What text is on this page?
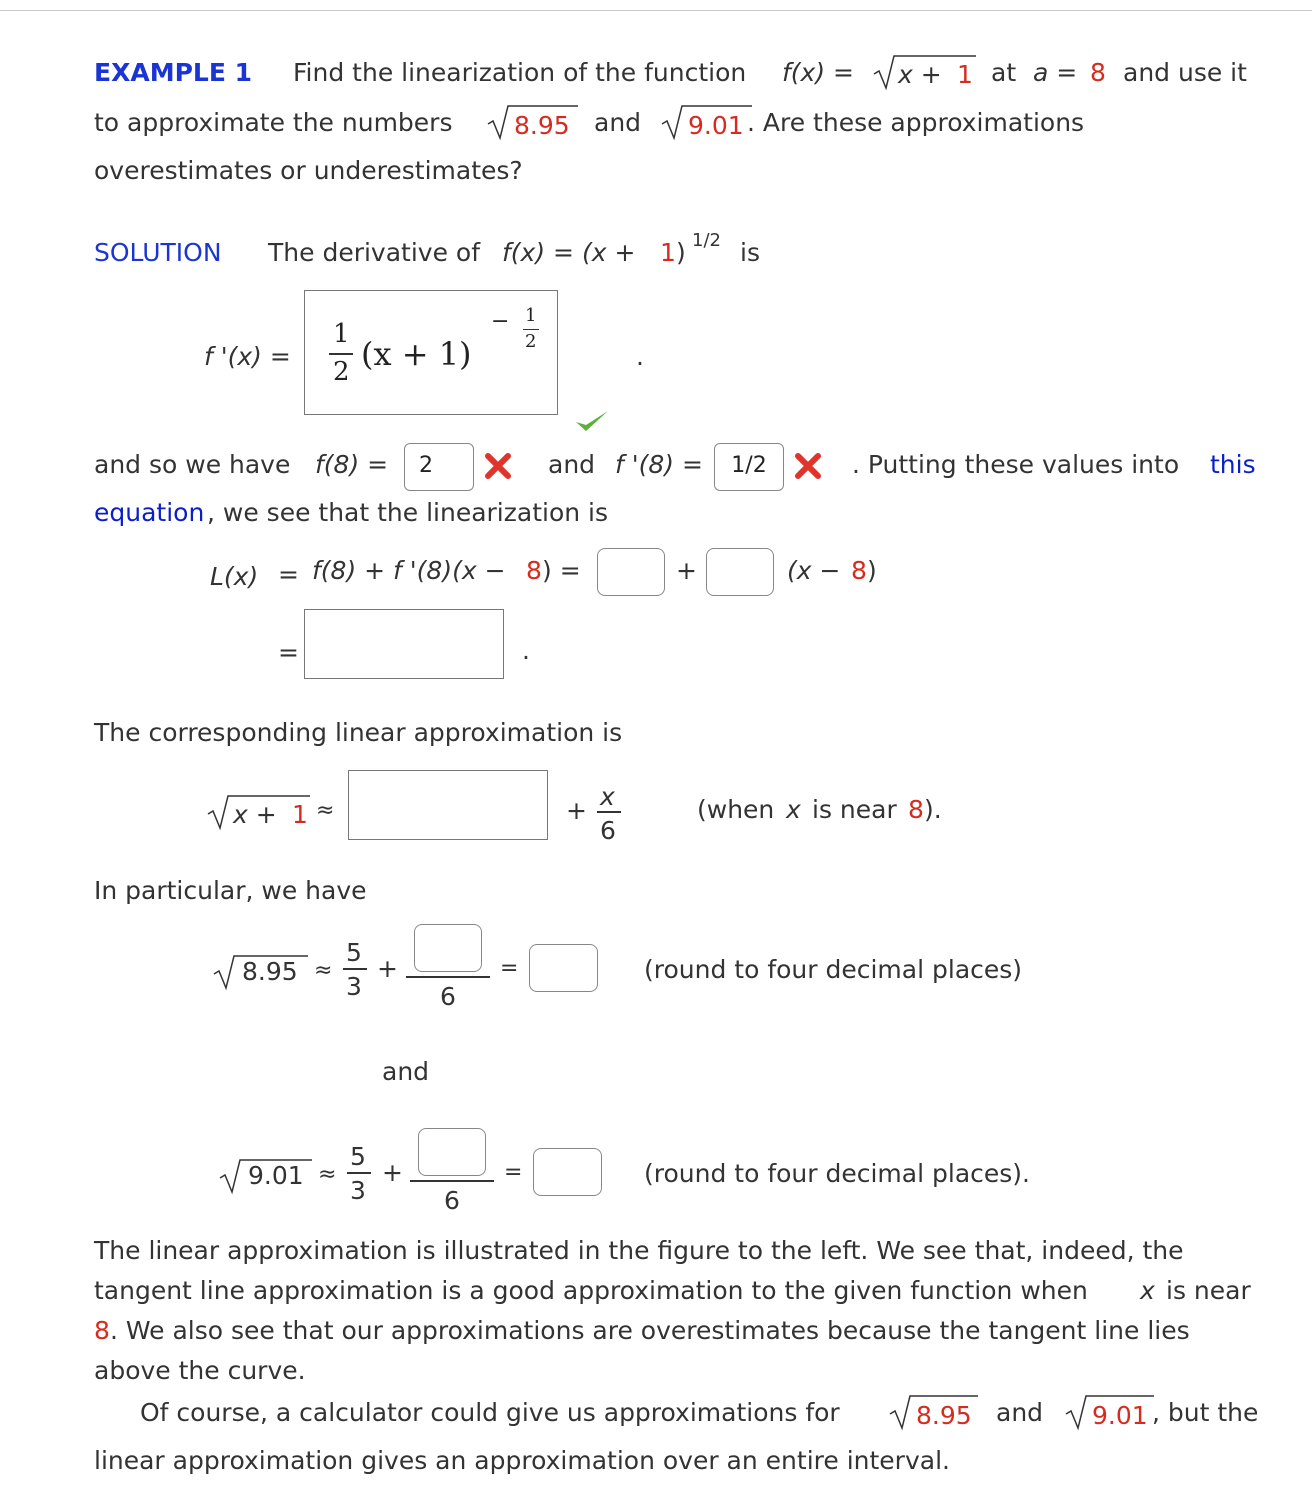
EXAMPLE 1 Find the linearization of the function f(x) = x + 1 at a = 8 and use it
to approximate the numbers 8.95 and 9.01 . Are these approximations
overestimates or underestimates?
SOLUTION The derivative of f(x) = (x + 1 ) 1/2 is
f '(x) =
1
2 (x + 1)
− 1
2
.
and so we have f(8) =	2	and f '(8) =	1/2	. Putting these values into this
equation , we see that the linearization is
L(x) = f(8) + f '(8)(x − 8 ) =	+	(x − 8 )
=	.
The corresponding linear approximation is
x + 1 ≈	+ x
6
(when x is near 8 ).
In particular, we have
8.95 ≈
5
3
+
6
=	(round to four decimal places)
and
9.01 ≈
5
3
+
6
=	(round to four decimal places).
The linear approximation is illustrated in the figure to the left. We see that, indeed, the
tangent line approximation is a good approximation to the given function when x is near
8 . We also see that our approximations are overestimates because the tangent line lies
above the curve.
Of course, a calculator could give us approximations for	8.95 and 9.01 , but the
linear approximation gives an approximation over an entire interval.
